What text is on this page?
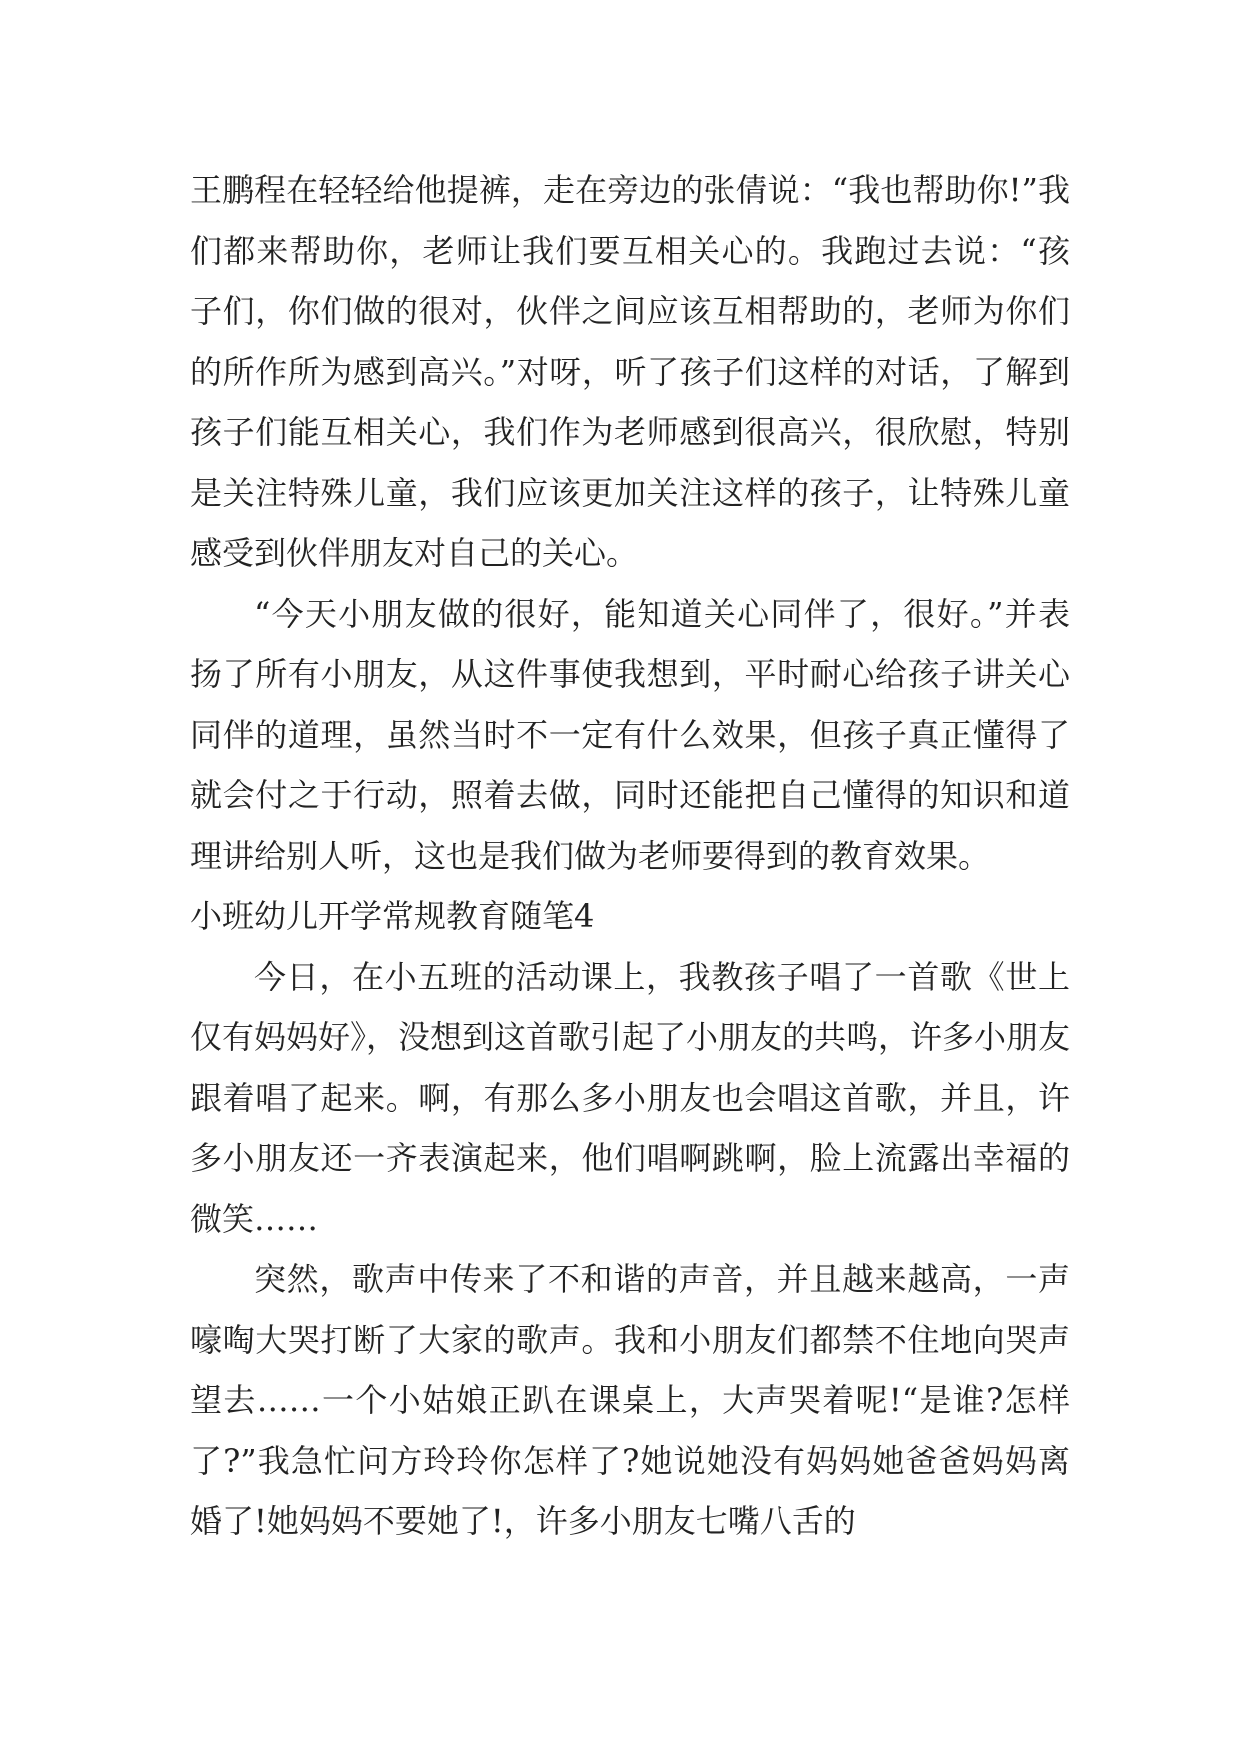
王鹏程在轻轻给他提裤，走在旁边的张倩说：“我也帮助你!”我们都来帮助你，老师让我们要互相关心的。我跑过去说：“孩子们，你们做的很对，伙伴之间应该互相帮助的，老师为你们的所作所为感到高兴。”对呀，听了孩子们这样的对话，了解到孩子们能互相关心，我们作为老师感到很高兴，很欣慰，特别是关注特殊儿童，我们应该更加关注这样的孩子，让特殊儿童感受到伙伴朋友对自己的关心。

“今天小朋友做的很好，能知道关心同伴了，很好。”并表扬了所有小朋友，从这件事使我想到，平时耐心给孩子讲关心同伴的道理，虽然当时不一定有什么效果，但孩子真正懂得了就会付之于行动，照着去做，同时还能把自己懂得的知识和道理讲给别人听，这也是我们做为老师要得到的教育效果。

小班幼儿开学常规教育随笔4

今日，在小五班的活动课上，我教孩子唱了一首歌《世上仅有妈妈好》，没想到这首歌引起了小朋友的共鸣，许多小朋友跟着唱了起来。啊，有那么多小朋友也会唱这首歌，并且，许多小朋友还一齐表演起来，他们唱啊跳啊，脸上流露出幸福的微笑……

突然，歌声中传来了不和谐的声音，并且越来越高，一声嚎啕大哭打断了大家的歌声。我和小朋友们都禁不住地向哭声望去……一个小姑娘正趴在课桌上，大声哭着呢!“是谁?怎样了?”我急忙问方玲玲你怎样了?她说她没有妈妈她爸爸妈妈离婚了!她妈妈不要她了!，许多小朋友七嘴八舌的
